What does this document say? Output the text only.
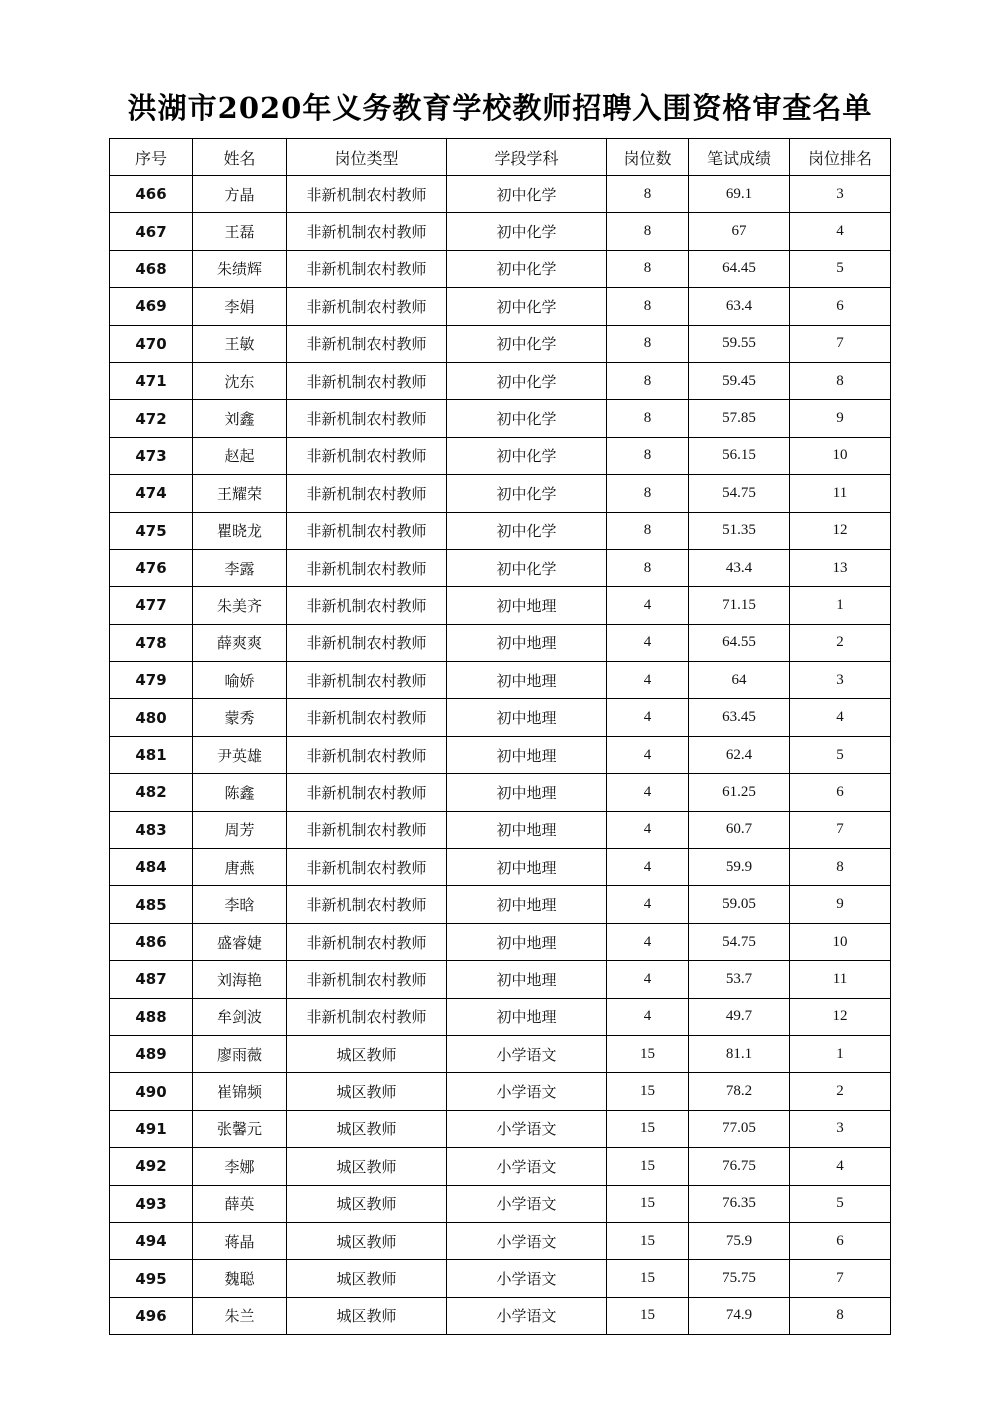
洪湖市2020年义务教育学校教师招聘入围资格审查名单
序号	姓名	岗位类型	学段学科	岗位数	笔试成绩	岗位排名
466	方晶	非新机制农村教师	初中化学	8	69.1	3
467	王磊	非新机制农村教师	初中化学	8	67	4
468	朱绩辉	非新机制农村教师	初中化学	8	64.45	5
469	李娟	非新机制农村教师	初中化学	8	63.4	6
470	王敏	非新机制农村教师	初中化学	8	59.55	7
471	沈东	非新机制农村教师	初中化学	8	59.45	8
472	刘鑫	非新机制农村教师	初中化学	8	57.85	9
473	赵起	非新机制农村教师	初中化学	8	56.15	10
474	王耀荣	非新机制农村教师	初中化学	8	54.75	11
475	瞿晓龙	非新机制农村教师	初中化学	8	51.35	12
476	李露	非新机制农村教师	初中化学	8	43.4	13
477	朱美齐	非新机制农村教师	初中地理	4	71.15	1
478	薛爽爽	非新机制农村教师	初中地理	4	64.55	2
479	喻娇	非新机制农村教师	初中地理	4	64	3
480	蒙秀	非新机制农村教师	初中地理	4	63.45	4
481	尹英雄	非新机制农村教师	初中地理	4	62.4	5
482	陈鑫	非新机制农村教师	初中地理	4	61.25	6
483	周芳	非新机制农村教师	初中地理	4	60.7	7
484	唐燕	非新机制农村教师	初中地理	4	59.9	8
485	李晗	非新机制农村教师	初中地理	4	59.05	9
486	盛睿婕	非新机制农村教师	初中地理	4	54.75	10
487	刘海艳	非新机制农村教师	初中地理	4	53.7	11
488	牟剑波	非新机制农村教师	初中地理	4	49.7	12
489	廖雨薇	城区教师	小学语文	15	81.1	1
490	崔锦频	城区教师	小学语文	15	78.2	2
491	张馨元	城区教师	小学语文	15	77.05	3
492	李娜	城区教师	小学语文	15	76.75	4
493	薛英	城区教师	小学语文	15	76.35	5
494	蒋晶	城区教师	小学语文	15	75.9	6
495	魏聪	城区教师	小学语文	15	75.75	7
496	朱兰	城区教师	小学语文	15	74.9	8
